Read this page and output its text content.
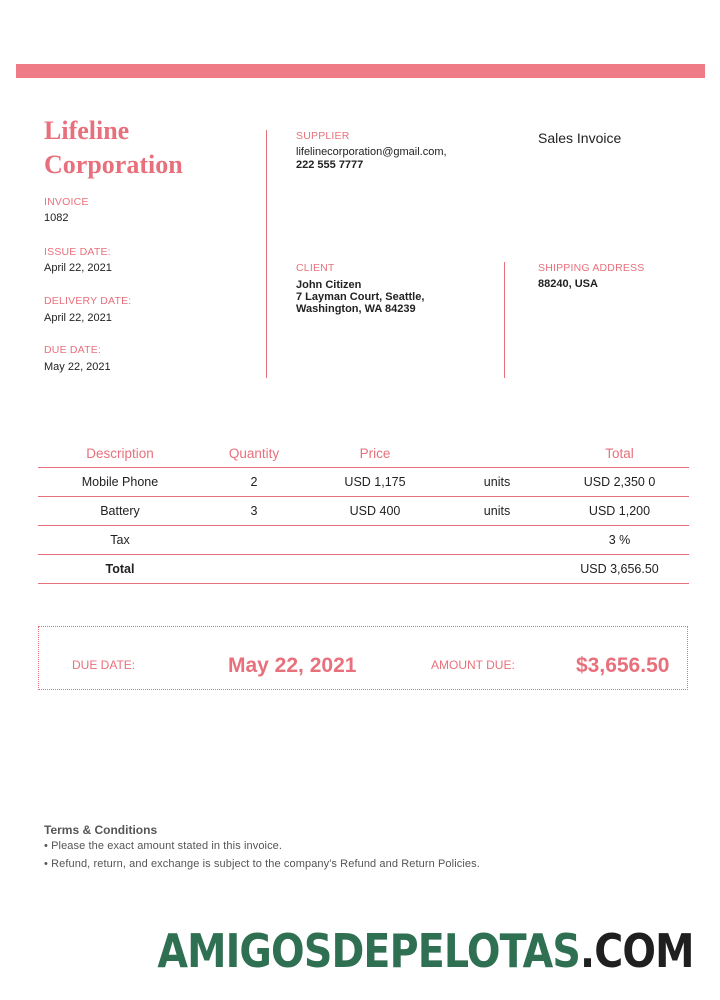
Lifeline
Corporation
INVOICE
1082
ISSUE DATE:
April 22, 2021
DELIVERY DATE:
April 22, 2021
DUE DATE:
May 22, 2021
SUPPLIER
lifelinecorporation@gmail.com,
222 555 7777
Sales Invoice
CLIENT
John Citizen
7 Layman Court, Seattle,
Washington, WA 84239
SHIPPING ADDRESS
88240, USA
Description	Quantity	Price		Total
Mobile Phone	2	USD 1,175	units	USD 2,350 0
Battery	3	USD 400	units	USD 1,200
Tax				3 %
Total				USD 3,656.50
DUE DATE:	May 22, 2021	AMOUNT DUE:	$3,656.50
Terms & Conditions
• Please the exact amount stated in this invoice.
• Refund, return, and exchange is subject to the company's Refund and Return Policies.
AMIGOSDEPELOTAS.COM
